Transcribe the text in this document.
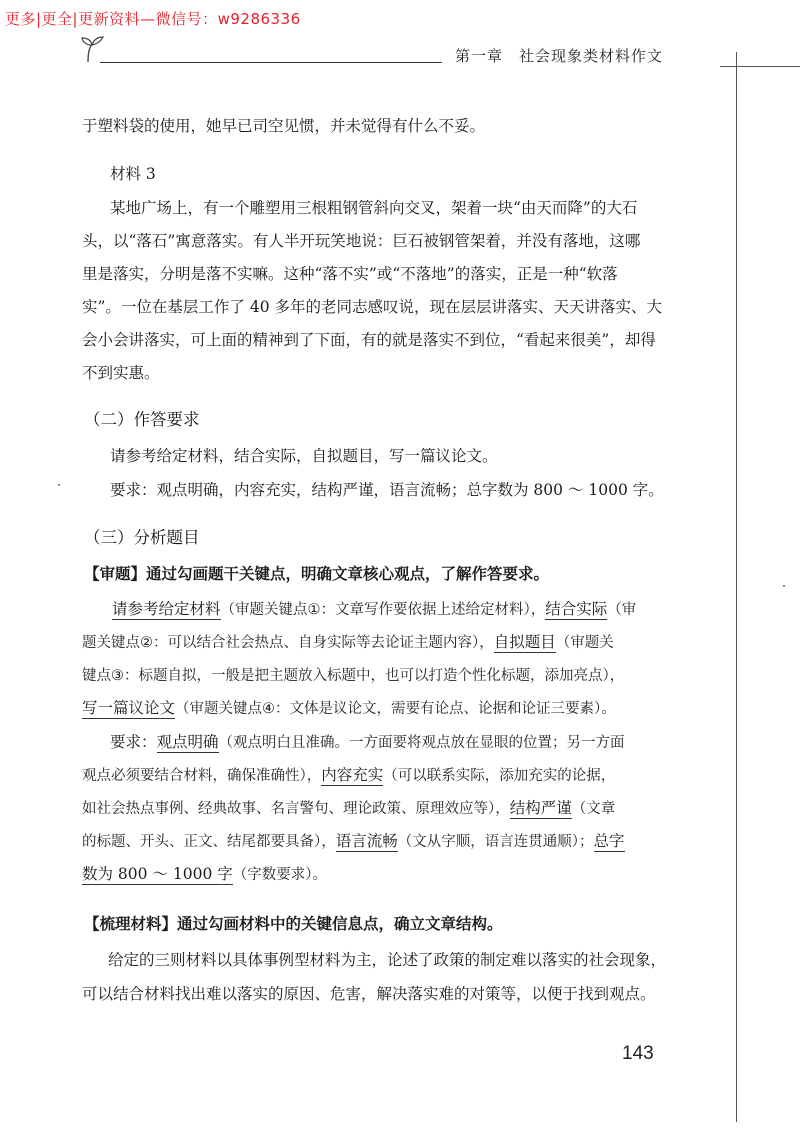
更多|更全|更新资料—微信号：w9286336
第一章　社会现象类材料作文
于塑料袋的使用，她早已司空见惯，并未觉得有什么不妥。
材料 3
某地广场上，有一个雕塑用三根粗钢管斜向交叉，架着一块“由天而降”的大石
头，以“落石”寓意落实。有人半开玩笑地说：巨石被钢管架着，并没有落地，这哪
里是落实，分明是落不实嘛。这种“落不实”或“不落地”的落实，正是一种“软落
实”。一位在基层工作了 40 多年的老同志感叹说，现在层层讲落实、天天讲落实、大
会小会讲落实，可上面的精神到了下面，有的就是落实不到位，“看起来很美”，却得
不到实惠。
（二）作答要求
请参考给定材料，结合实际，自拟题目，写一篇议论文。
要求：观点明确，内容充实，结构严谨，语言流畅；总字数为 800 ～ 1000 字。
（三）分析题目
【审题】通过勾画题干关键点，明确文章核心观点，了解作答要求。
请参考给定材料（审题关键点①：文章写作要依据上述给定材料），结合实际（审
题关键点②：可以结合社会热点、自身实际等去论证主题内容），自拟题目（审题关
键点③：标题自拟，一般是把主题放入标题中，也可以打造个性化标题，添加亮点），
写一篇议论文（审题关键点④：文体是议论文，需要有论点、论据和论证三要素）。
要求：观点明确（观点明白且准确。一方面要将观点放在显眼的位置；另一方面
观点必须要结合材料，确保准确性），内容充实（可以联系实际，添加充实的论据，
如社会热点事例、经典故事、名言警句、理论政策、原理效应等），结构严谨（文章
的标题、开头、正文、结尾都要具备），语言流畅（文从字顺，语言连贯通顺）；总字
数为 800 ～ 1000 字（字数要求）。
【梳理材料】通过勾画材料中的关键信息点，确立文章结构。
给定的三则材料以具体事例型材料为主，论述了政策的制定难以落实的社会现象，
可以结合材料找出难以落实的原因、危害，解决落实难的对策等，以便于找到观点。
143
